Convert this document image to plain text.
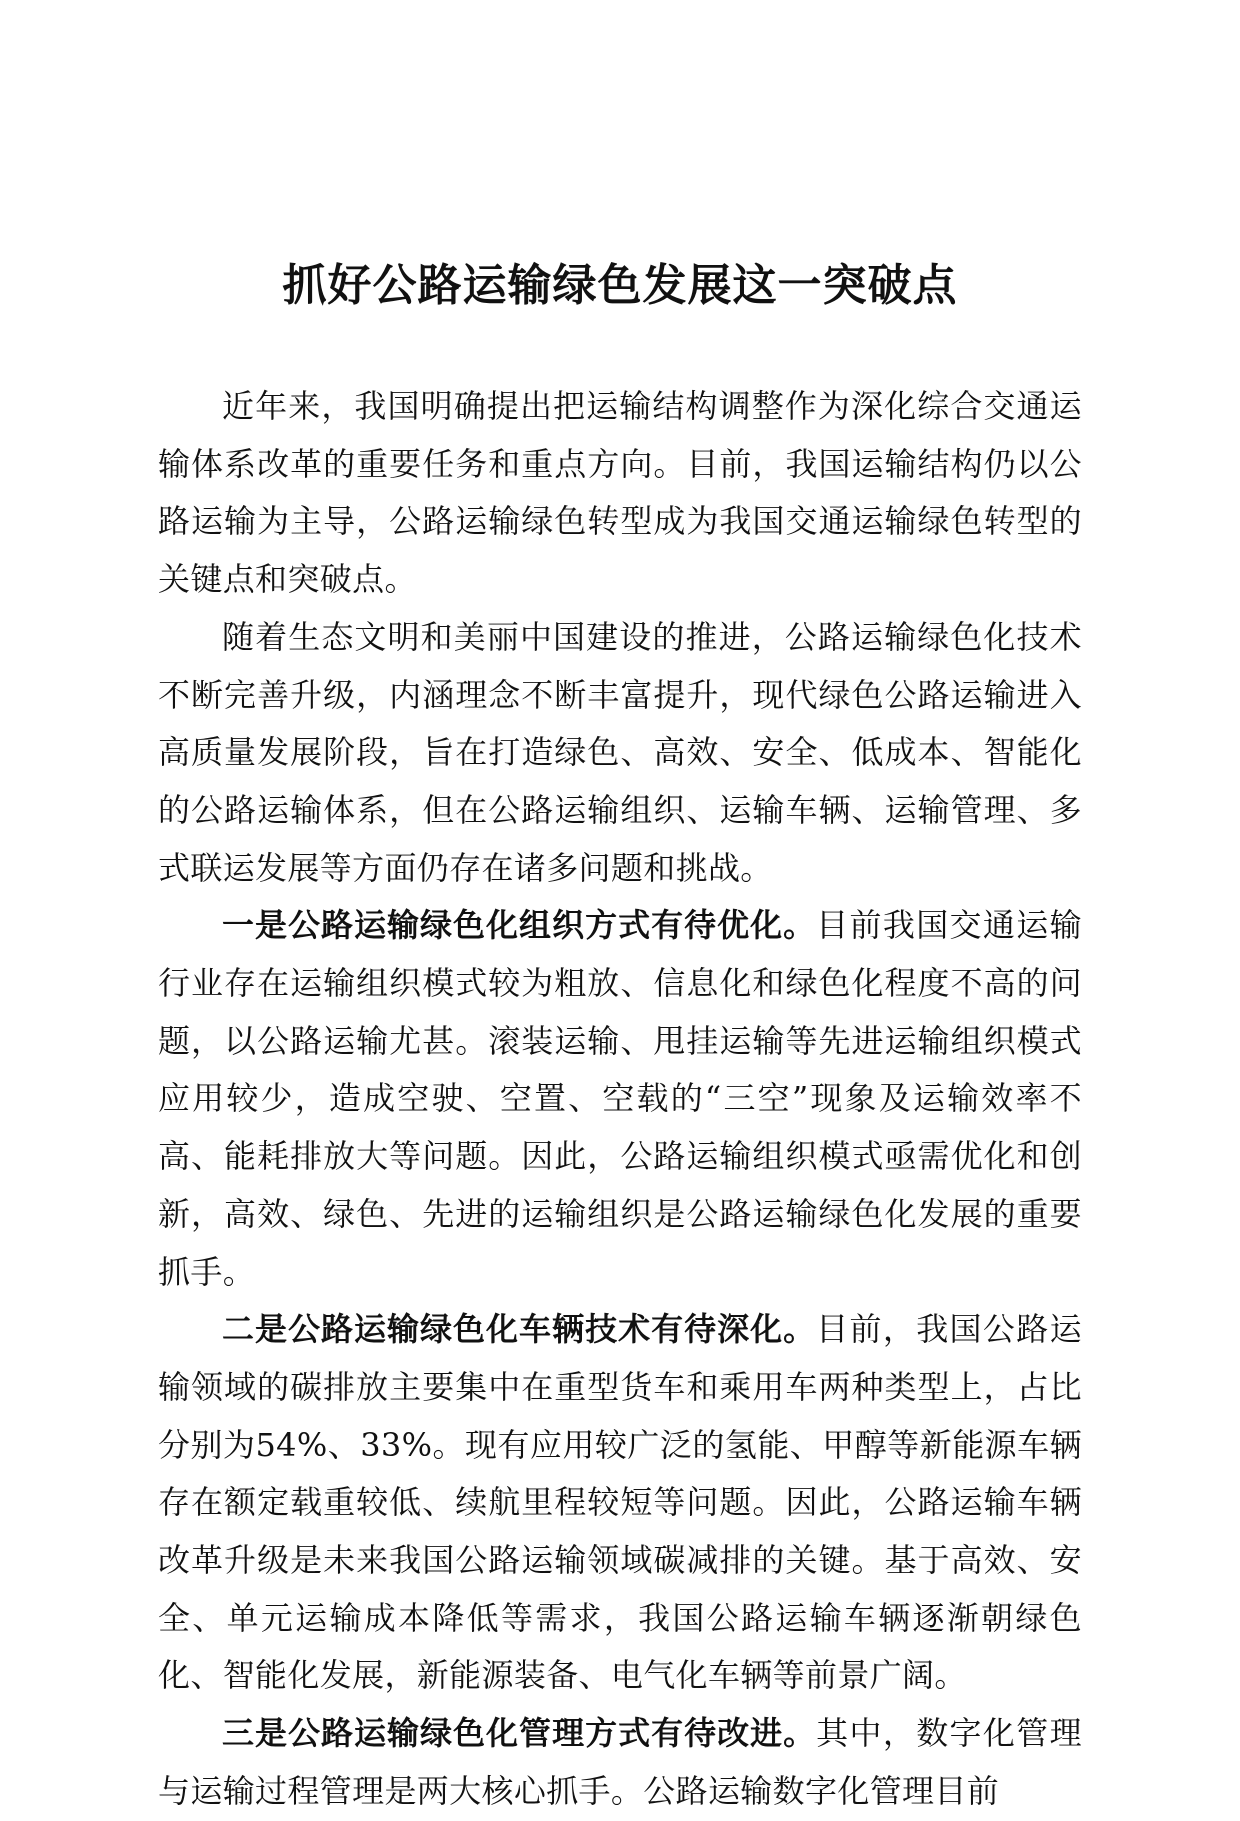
抓好公路运输绿色发展这一突破点

近年来，我国明确提出把运输结构调整作为深化综合交通运输体系改革的重要任务和重点方向。目前，我国运输结构仍以公路运输为主导，公路运输绿色转型成为我国交通运输绿色转型的关键点和突破点。

随着生态文明和美丽中国建设的推进，公路运输绿色化技术不断完善升级，内涵理念不断丰富提升，现代绿色公路运输进入高质量发展阶段，旨在打造绿色、高效、安全、低成本、智能化的公路运输体系，但在公路运输组织、运输车辆、运输管理、多式联运发展等方面仍存在诸多问题和挑战。

一是公路运输绿色化组织方式有待优化。目前我国交通运输行业存在运输组织模式较为粗放、信息化和绿色化程度不高的问题，以公路运输尤甚。滚装运输、甩挂运输等先进运输组织模式应用较少，造成空驶、空置、空载的“三空”现象及运输效率不高、能耗排放大等问题。因此，公路运输组织模式亟需优化和创新，高效、绿色、先进的运输组织是公路运输绿色化发展的重要抓手。

二是公路运输绿色化车辆技术有待深化。目前，我国公路运输领域的碳排放主要集中在重型货车和乘用车两种类型上，占比分别为54%、33%。现有应用较广泛的氢能、甲醇等新能源车辆存在额定载重较低、续航里程较短等问题。因此，公路运输车辆改革升级是未来我国公路运输领域碳减排的关键。基于高效、安全、单元运输成本降低等需求，我国公路运输车辆逐渐朝绿色化、智能化发展，新能源装备、电气化车辆等前景广阔。

三是公路运输绿色化管理方式有待改进。其中，数字化管理与运输过程管理是两大核心抓手。公路运输数字化管理目前
